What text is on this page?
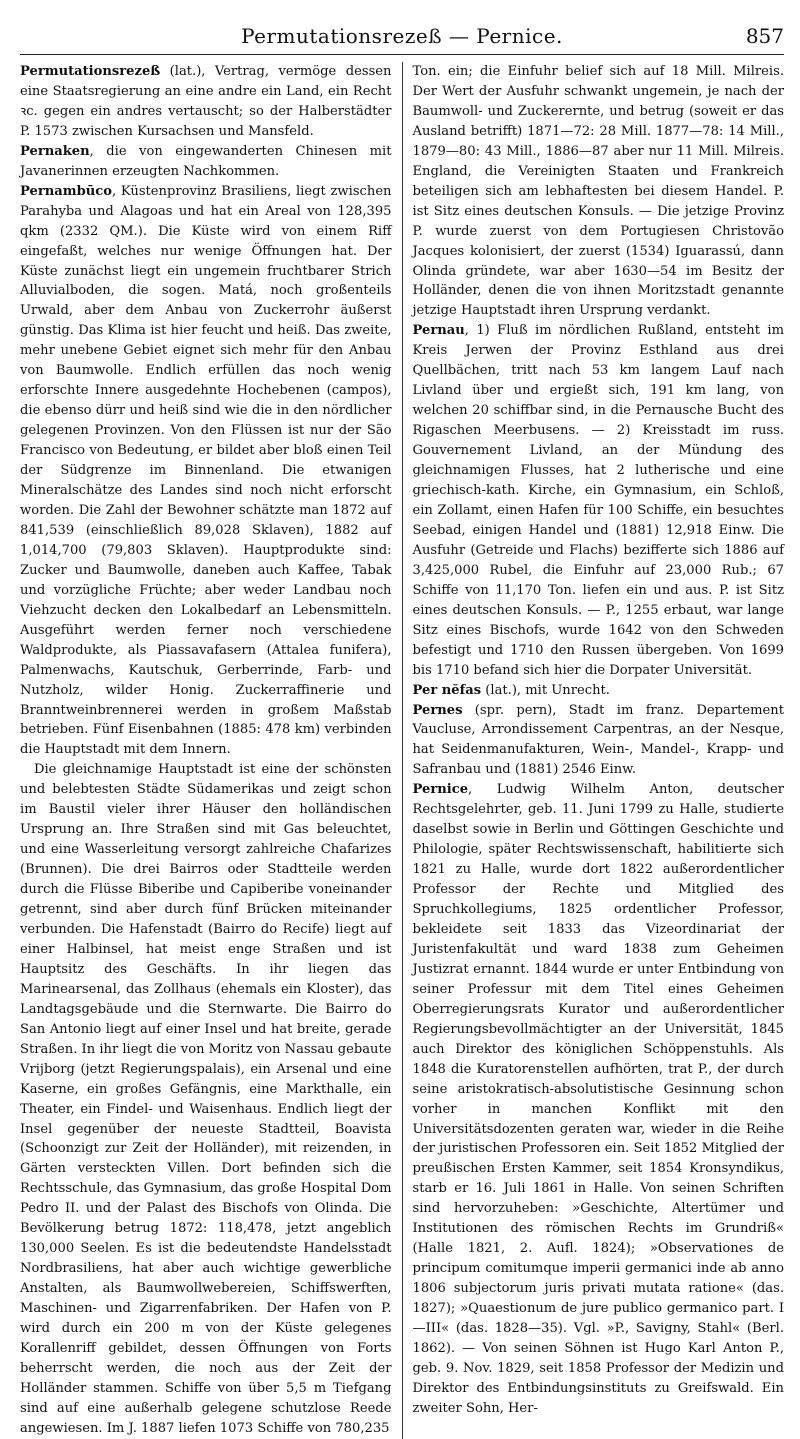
Permutationsrezeß — Pernice.	857

Permutationsrezeß (lat.), Vertrag, vermöge dessen eine Staatsregierung an eine andre ein Land, ein Recht ꝛc. gegen ein andres vertauscht; so der Halberstädter P. 1573 zwischen Kursachsen und Mansfeld.

Pernaken, die von eingewanderten Chinesen mit Javanerinnen erzeugten Nachkommen.

Pernambūco, Küstenprovinz Brasiliens, liegt zwischen Parahyba und Alagoas und hat ein Areal von 128,395 qkm (2332 QM.). Die Küste wird von einem Riff eingefaßt, welches nur wenige Öffnungen hat. Der Küste zunächst liegt ein ungemein fruchtbarer Strich Alluvialboden, die sogen. Matá, noch großenteils Urwald, aber dem Anbau von Zuckerrohr äußerst günstig. Das Klima ist hier feucht und heiß. Das zweite, mehr unebene Gebiet eignet sich mehr für den Anbau von Baumwolle. Endlich erfüllen das noch wenig erforschte Innere ausgedehnte Hochebenen (campos), die ebenso dürr und heiß sind wie die in den nördlicher gelegenen Provinzen. Von den Flüssen ist nur der São Francisco von Bedeutung, er bildet aber bloß einen Teil der Südgrenze im Binnenland. Die etwanigen Mineralschätze des Landes sind noch nicht erforscht worden. Die Zahl der Bewohner schätzte man 1872 auf 841,539 (einschließlich 89,028 Sklaven), 1882 auf 1,014,700 (79,803 Sklaven). Hauptprodukte sind: Zucker und Baumwolle, daneben auch Kaffee, Tabak und vorzügliche Früchte; aber weder Landbau noch Viehzucht decken den Lokalbedarf an Lebensmitteln. Ausgeführt werden ferner noch verschiedene Waldprodukte, als Piassavafasern (Attalea funifera), Palmenwachs, Kautschuk, Gerberrinde, Farb- und Nutzholz, wilder Honig. Zuckerraffinerie und Branntweinbrennerei werden in großem Maßstab betrieben. Fünf Eisenbahnen (1885: 478 km) verbinden die Hauptstadt mit dem Innern.

Die gleichnamige Hauptstadt ist eine der schönsten und belebtesten Städte Südamerikas und zeigt schon im Baustil vieler ihrer Häuser den holländischen Ursprung an. Ihre Straßen sind mit Gas beleuchtet, und eine Wasserleitung versorgt zahlreiche Chafarizes (Brunnen). Die drei Bairros oder Stadtteile werden durch die Flüsse Biberibe und Capiberibe voneinander getrennt, sind aber durch fünf Brücken miteinander verbunden. Die Hafenstadt (Bairro do Recife) liegt auf einer Halbinsel, hat meist enge Straßen und ist Hauptsitz des Geschäfts. In ihr liegen das Marinearsenal, das Zollhaus (ehemals ein Kloster), das Landtagsgebäude und die Sternwarte. Die Bairro do San Antonio liegt auf einer Insel und hat breite, gerade Straßen. In ihr liegt die von Moritz von Nassau gebaute Vrijborg (jetzt Regierungspalais), ein Arsenal und eine Kaserne, ein großes Gefängnis, eine Markthalle, ein Theater, ein Findel- und Waisenhaus. Endlich liegt der Insel gegenüber der neueste Stadtteil, Boavista (Schoonzigt zur Zeit der Holländer), mit reizenden, in Gärten versteckten Villen. Dort befinden sich die Rechtsschule, das Gymnasium, das große Hospital Dom Pedro II. und der Palast des Bischofs von Olinda. Die Bevölkerung betrug 1872: 118,478, jetzt angeblich 130,000 Seelen. Es ist die bedeutendste Handelsstadt Nordbrasiliens, hat aber auch wichtige gewerbliche Anstalten, als Baumwollwebereien, Schiffswerften, Maschinen- und Zigarrenfabriken. Der Hafen von P. wird durch ein 200 m von der Küste gelegenes Korallenriff gebildet, dessen Öffnungen von Forts beherrscht werden, die noch aus der Zeit der Holländer stammen. Schiffe von über 5,5 m Tiefgang sind auf eine außerhalb gelegene schutzlose Reede angewiesen. Im J. 1887 liefen 1073 Schiffe von 780,235

Ton. ein; die Einfuhr belief sich auf 18 Mill. Milreis. Der Wert der Ausfuhr schwankt ungemein, je nach der Baumwoll- und Zuckerernte, und betrug (soweit er das Ausland betrifft) 1871—72: 28 Mill. 1877—78: 14 Mill., 1879—80: 43 Mill., 1886—87 aber nur 11 Mill. Milreis. England, die Vereinigten Staaten und Frankreich beteiligen sich am lebhaftesten bei diesem Handel. P. ist Sitz eines deutschen Konsuls. — Die jetzige Provinz P. wurde zuerst von dem Portugiesen Christovão Jacques kolonisiert, der zuerst (1534) Iguarassú, dann Olinda gründete, war aber 1630—54 im Besitz der Holländer, denen die von ihnen Moritzstadt genannte jetzige Hauptstadt ihren Ursprung verdankt.

Pernau, 1) Fluß im nördlichen Rußland, entsteht im Kreis Jerwen der Provinz Esthland aus drei Quellbächen, tritt nach 53 km langem Lauf nach Livland über und ergießt sich, 191 km lang, von welchen 20 schiffbar sind, in die Pernausche Bucht des Rigaschen Meerbusens. — 2) Kreisstadt im russ. Gouvernement Livland, an der Mündung des gleichnamigen Flusses, hat 2 lutherische und eine griechisch-kath. Kirche, ein Gymnasium, ein Schloß, ein Zollamt, einen Hafen für 100 Schiffe, ein besuchtes Seebad, einigen Handel und (1881) 12,918 Einw. Die Ausfuhr (Getreide und Flachs) bezifferte sich 1886 auf 3,425,000 Rubel, die Einfuhr auf 23,000 Rub.; 67 Schiffe von 11,170 Ton. liefen ein und aus. P. ist Sitz eines deutschen Konsuls. — P., 1255 erbaut, war lange Sitz eines Bischofs, wurde 1642 von den Schweden befestigt und 1710 den Russen übergeben. Von 1699 bis 1710 befand sich hier die Dorpater Universität.

Per nĕfas (lat.), mit Unrecht.

Pernes (spr. pern), Stadt im franz. Departement Vaucluse, Arrondissement Carpentras, an der Nesque, hat Seidenmanufakturen, Wein-, Mandel-, Krapp- und Safranbau und (1881) 2546 Einw.

Pernice, Ludwig Wilhelm Anton, deutscher Rechtsgelehrter, geb. 11. Juni 1799 zu Halle, studierte daselbst sowie in Berlin und Göttingen Geschichte und Philologie, später Rechtswissenschaft, habilitierte sich 1821 zu Halle, wurde dort 1822 außerordentlicher Professor der Rechte und Mitglied des Spruchkollegiums, 1825 ordentlicher Professor, bekleidete seit 1833 das Vizeordinariat der Juristenfakultät und ward 1838 zum Geheimen Justizrat ernannt. 1844 wurde er unter Entbindung von seiner Professur mit dem Titel eines Geheimen Oberregierungsrats Kurator und außerordentlicher Regierungsbevollmächtigter an der Universität, 1845 auch Direktor des königlichen Schöppenstuhls. Als 1848 die Kuratorenstellen aufhörten, trat P., der durch seine aristokratisch-absolutistische Gesinnung schon vorher in manchen Konflikt mit den Universitätsdozenten geraten war, wieder in die Reihe der juristischen Professoren ein. Seit 1852 Mitglied der preußischen Ersten Kammer, seit 1854 Kronsyndikus, starb er 16. Juli 1861 in Halle. Von seinen Schriften sind hervorzuheben: »Geschichte, Altertümer und Institutionen des römischen Rechts im Grundriß« (Halle 1821, 2. Aufl. 1824); »Observationes de principum comitumque imperii germanici inde ab anno 1806 subjectorum juris privati mutata ratione« (das. 1827); »Quaestionum de jure publico germanico part. I—III« (das. 1828—35). Vgl. »P., Savigny, Stahl« (Berl. 1862). — Von seinen Söhnen ist Hugo Karl Anton P., geb. 9. Nov. 1829, seit 1858 Professor der Medizin und Direktor des Entbindungsinstituts zu Greifswald. Ein zweiter Sohn, Her-
